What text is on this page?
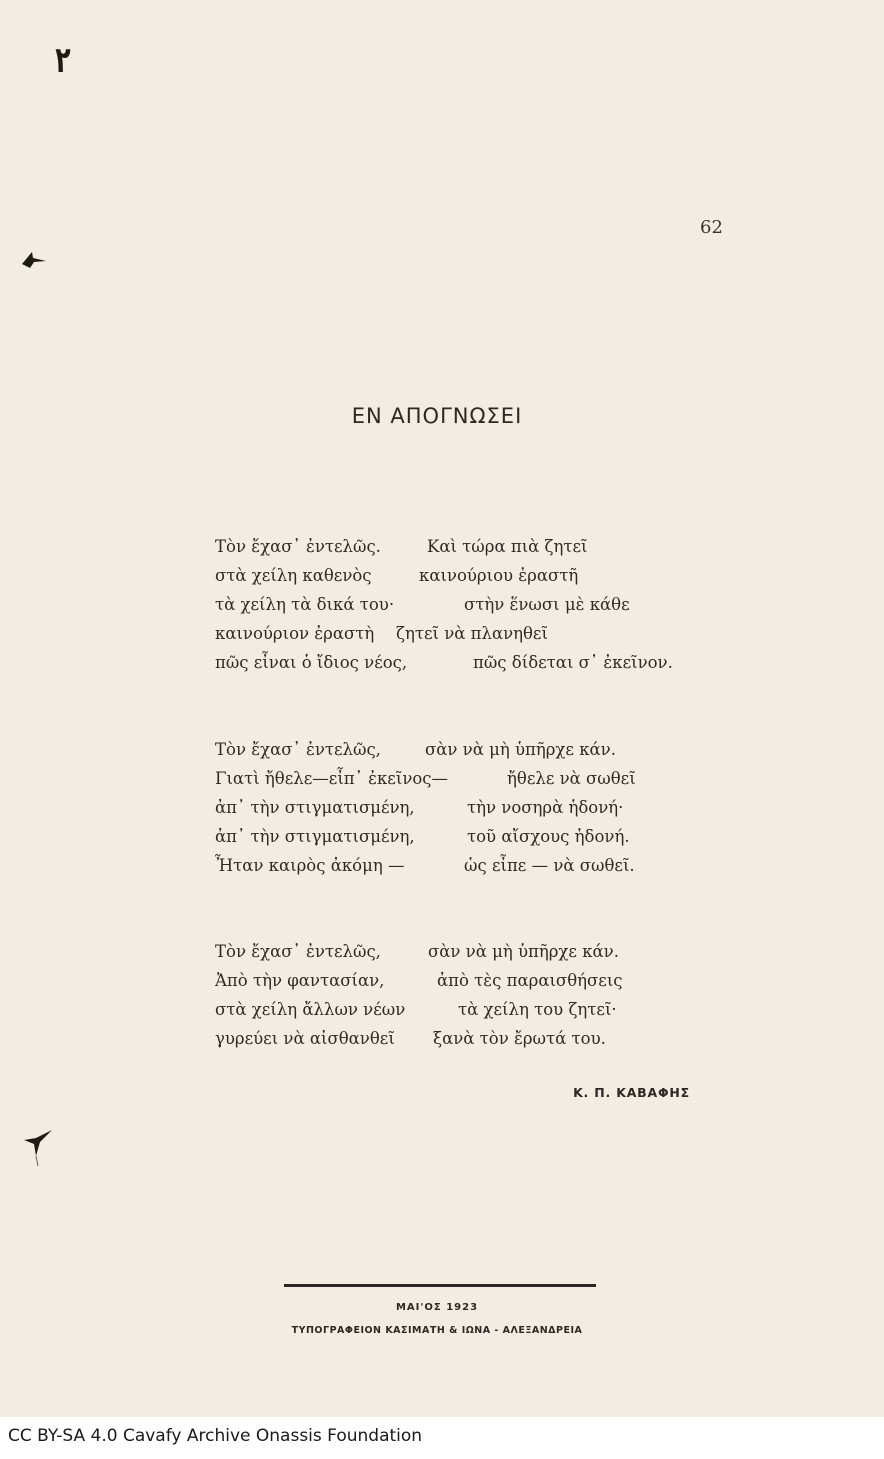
۲
62
ΕΝ ΑΠΟΓΝΩΣΕΙ
Τὸν ἔχασ᾽ ἐντελῶς.	Καὶ τώρα πιὰ ζητεῖ
στὰ χείλη καθενὸς	καινούριου ἐραστῆ
τὰ χείλη τὰ δικά του·	στὴν ἕνωσι μὲ κάθε
καινούριον ἐραστὴ ζητεῖ νὰ πλανηθεῖ
πῶς εἶναι ὁ ἴδιος νέος,	πῶς δίδεται σ᾽ ἐκεῖνον.
Τὸν ἔχασ᾽ ἐντελῶς,	σὰν νὰ μὴ ὑπῆρχε κάν.
Γιατὶ ἤθελε—εἶπ᾽ ἐκεῖνος—	ἤθελε νὰ σωθεῖ
ἀπ᾽ τὴν στιγματισμένη,	τὴν νοσηρὰ ἡδονή·
ἀπ᾽ τὴν στιγματισμένη,	τοῦ αἴσχους ἡδονή.
Ἦταν καιρὸς ἀκόμη —	ὡς εἶπε — νὰ σωθεῖ.
Τὸν ἔχασ᾽ ἐντελῶς,	σὰν νὰ μὴ ὑπῆρχε κάν.
Ἀπὸ τὴν φαντασίαν,	ἀπὸ τὲς παραισθήσεις
στὰ χείλη ἄλλων νέων	τὰ χείλη του ζητεῖ·
γυρεύει νὰ αἰσθανθεῖ ξανὰ τὸν ἔρωτά του.
Κ. Π. ΚΑΒΑΦΗΣ
ΜΑΙ'ΟΣ 1923
ΤΥΠΟΓΡΑΦΕΙΟΝ ΚΑΣΙΜΑΤΗ & ΙΩΝΑ - ΑΛΕΞΑΝΔΡΕΙΑ
CC BY-SA 4.0 Cavafy Archive Onassis Foundation
